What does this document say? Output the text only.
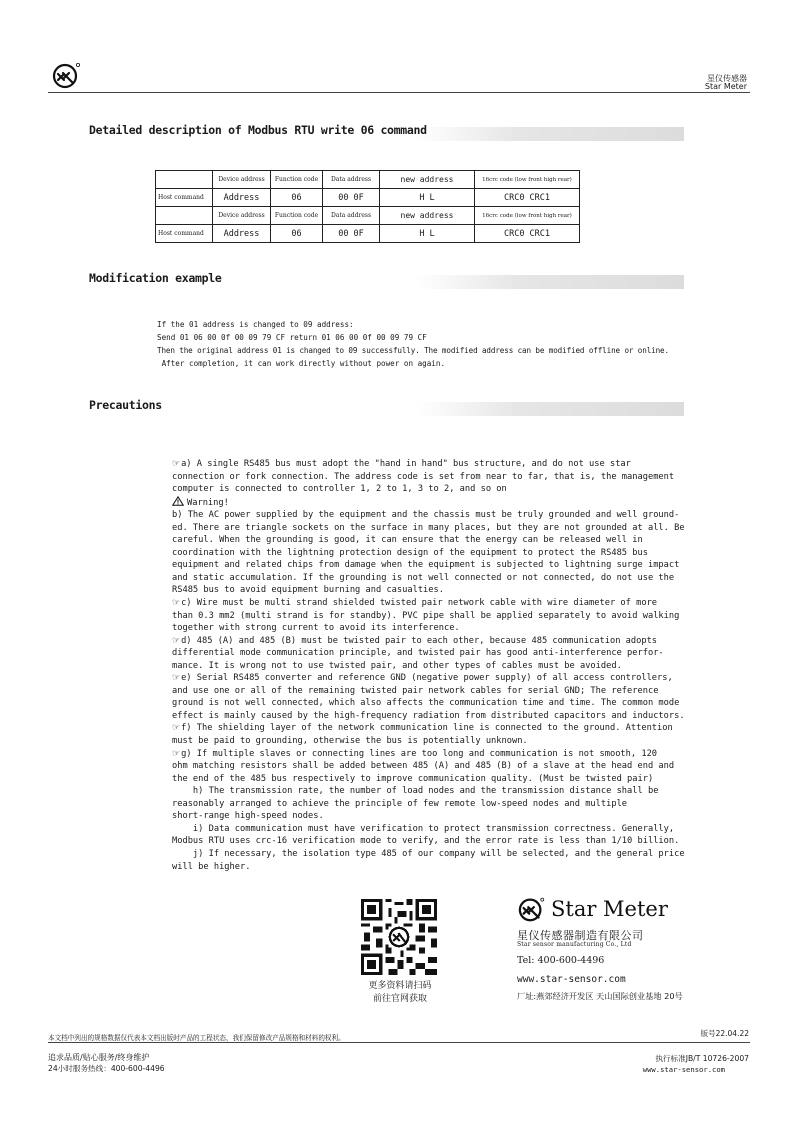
星仪传感器
Star Meter
Detailed description of Modbus RTU write 06 command
	Device address	Function code	Data address	new address	16crc code (low front high rear)
Host command	Address	06	00 0F	H L	CRC0 CRC1
	Device address	Function code	Data address	new address	16crc code (low front high rear)
Host command	Address	06	00 0F	H L	CRC0 CRC1
Modification example
If the 01 address is changed to 09 address:
Send 01 06 00 0f 00 09 79 CF return 01 06 00 0f 00 09 79 CF
Then the original address 01 is changed to 09 successfully. The modified address can be modified offline or online.
After completion, it can work directly without power on again.
Precautions

☞a) A single RS485 bus must adopt the "hand in hand" bus structure, and do not use star

connection or fork connection. The address code is set from near to far, that is, the management

computer is connected to controller 1, 2 to 1, 3 to 2, and so on

Warning!

b) The AC power supplied by the equipment and the chassis must be truly grounded and well ground-

ed. There are triangle sockets on the surface in many places, but they are not grounded at all. Be

careful. When the grounding is good, it can ensure that the energy can be released well in

coordination with the lightning protection design of the equipment to protect the RS485 bus

equipment and related chips from damage when the equipment is subjected to lightning surge impact

and static accumulation. If the grounding is not well connected or not connected, do not use the

RS485 bus to avoid equipment burning and casualties.

☞c) Wire must be multi strand shielded twisted pair network cable with wire diameter of more

than 0.3 mm2 (multi strand is for standby). PVC pipe shall be applied separately to avoid walking

together with strong current to avoid its interference.

☞d) 485 (A) and 485 (B) must be twisted pair to each other, because 485 communication adopts

differential mode communication principle, and twisted pair has good anti-interference perfor-

mance. It is wrong not to use twisted pair, and other types of cables must be avoided.

☞e) Serial RS485 converter and reference GND (negative power supply) of all access controllers,

and use one or all of the remaining twisted pair network cables for serial GND; The reference

ground is not well connected, which also affects the communication time and time. The common mode

effect is mainly caused by the high-frequency radiation from distributed capacitors and inductors.

☞f) The shielding layer of the network communication line is connected to the ground. Attention

must be paid to grounding, otherwise the bus is potentially unknown.

☞g) If multiple slaves or connecting lines are too long and communication is not smooth, 120

ohm matching resistors shall be added between 485 (A) and 485 (B) of a slave at the head end and

the end of the 485 bus respectively to improve communication quality. (Must be twisted pair)

h) The transmission rate, the number of load nodes and the transmission distance shall be

reasonably arranged to achieve the principle of few remote low-speed nodes and multiple

short-range high-speed nodes.

i) Data communication must have verification to protect transmission correctness. Generally,

Modbus RTU uses crc-16 verification mode to verify, and the error rate is less than 1/10 billion.

j) If necessary, the isolation type 485 of our company will be selected, and the general price

will be higher.

更多资料请扫码
前往官网获取
Star Meter
星仪传感器制造有限公司
Star sensor manufacturing Co., Ltd
Tel: 400-600-4496
www.star-sensor.com
厂址:燕郊经济开发区 天山国际创业基地 20号
本文档中列出的规格数据仅代表本文档出版时产品的工程状态，我们保留修改产品规格和材料的权利。	版号22.04.22
追求品质/贴心服务/终身维护
24小时服务热线：400-600-4496
执行标准JB/T 10726-2007
www.star-sensor.com
